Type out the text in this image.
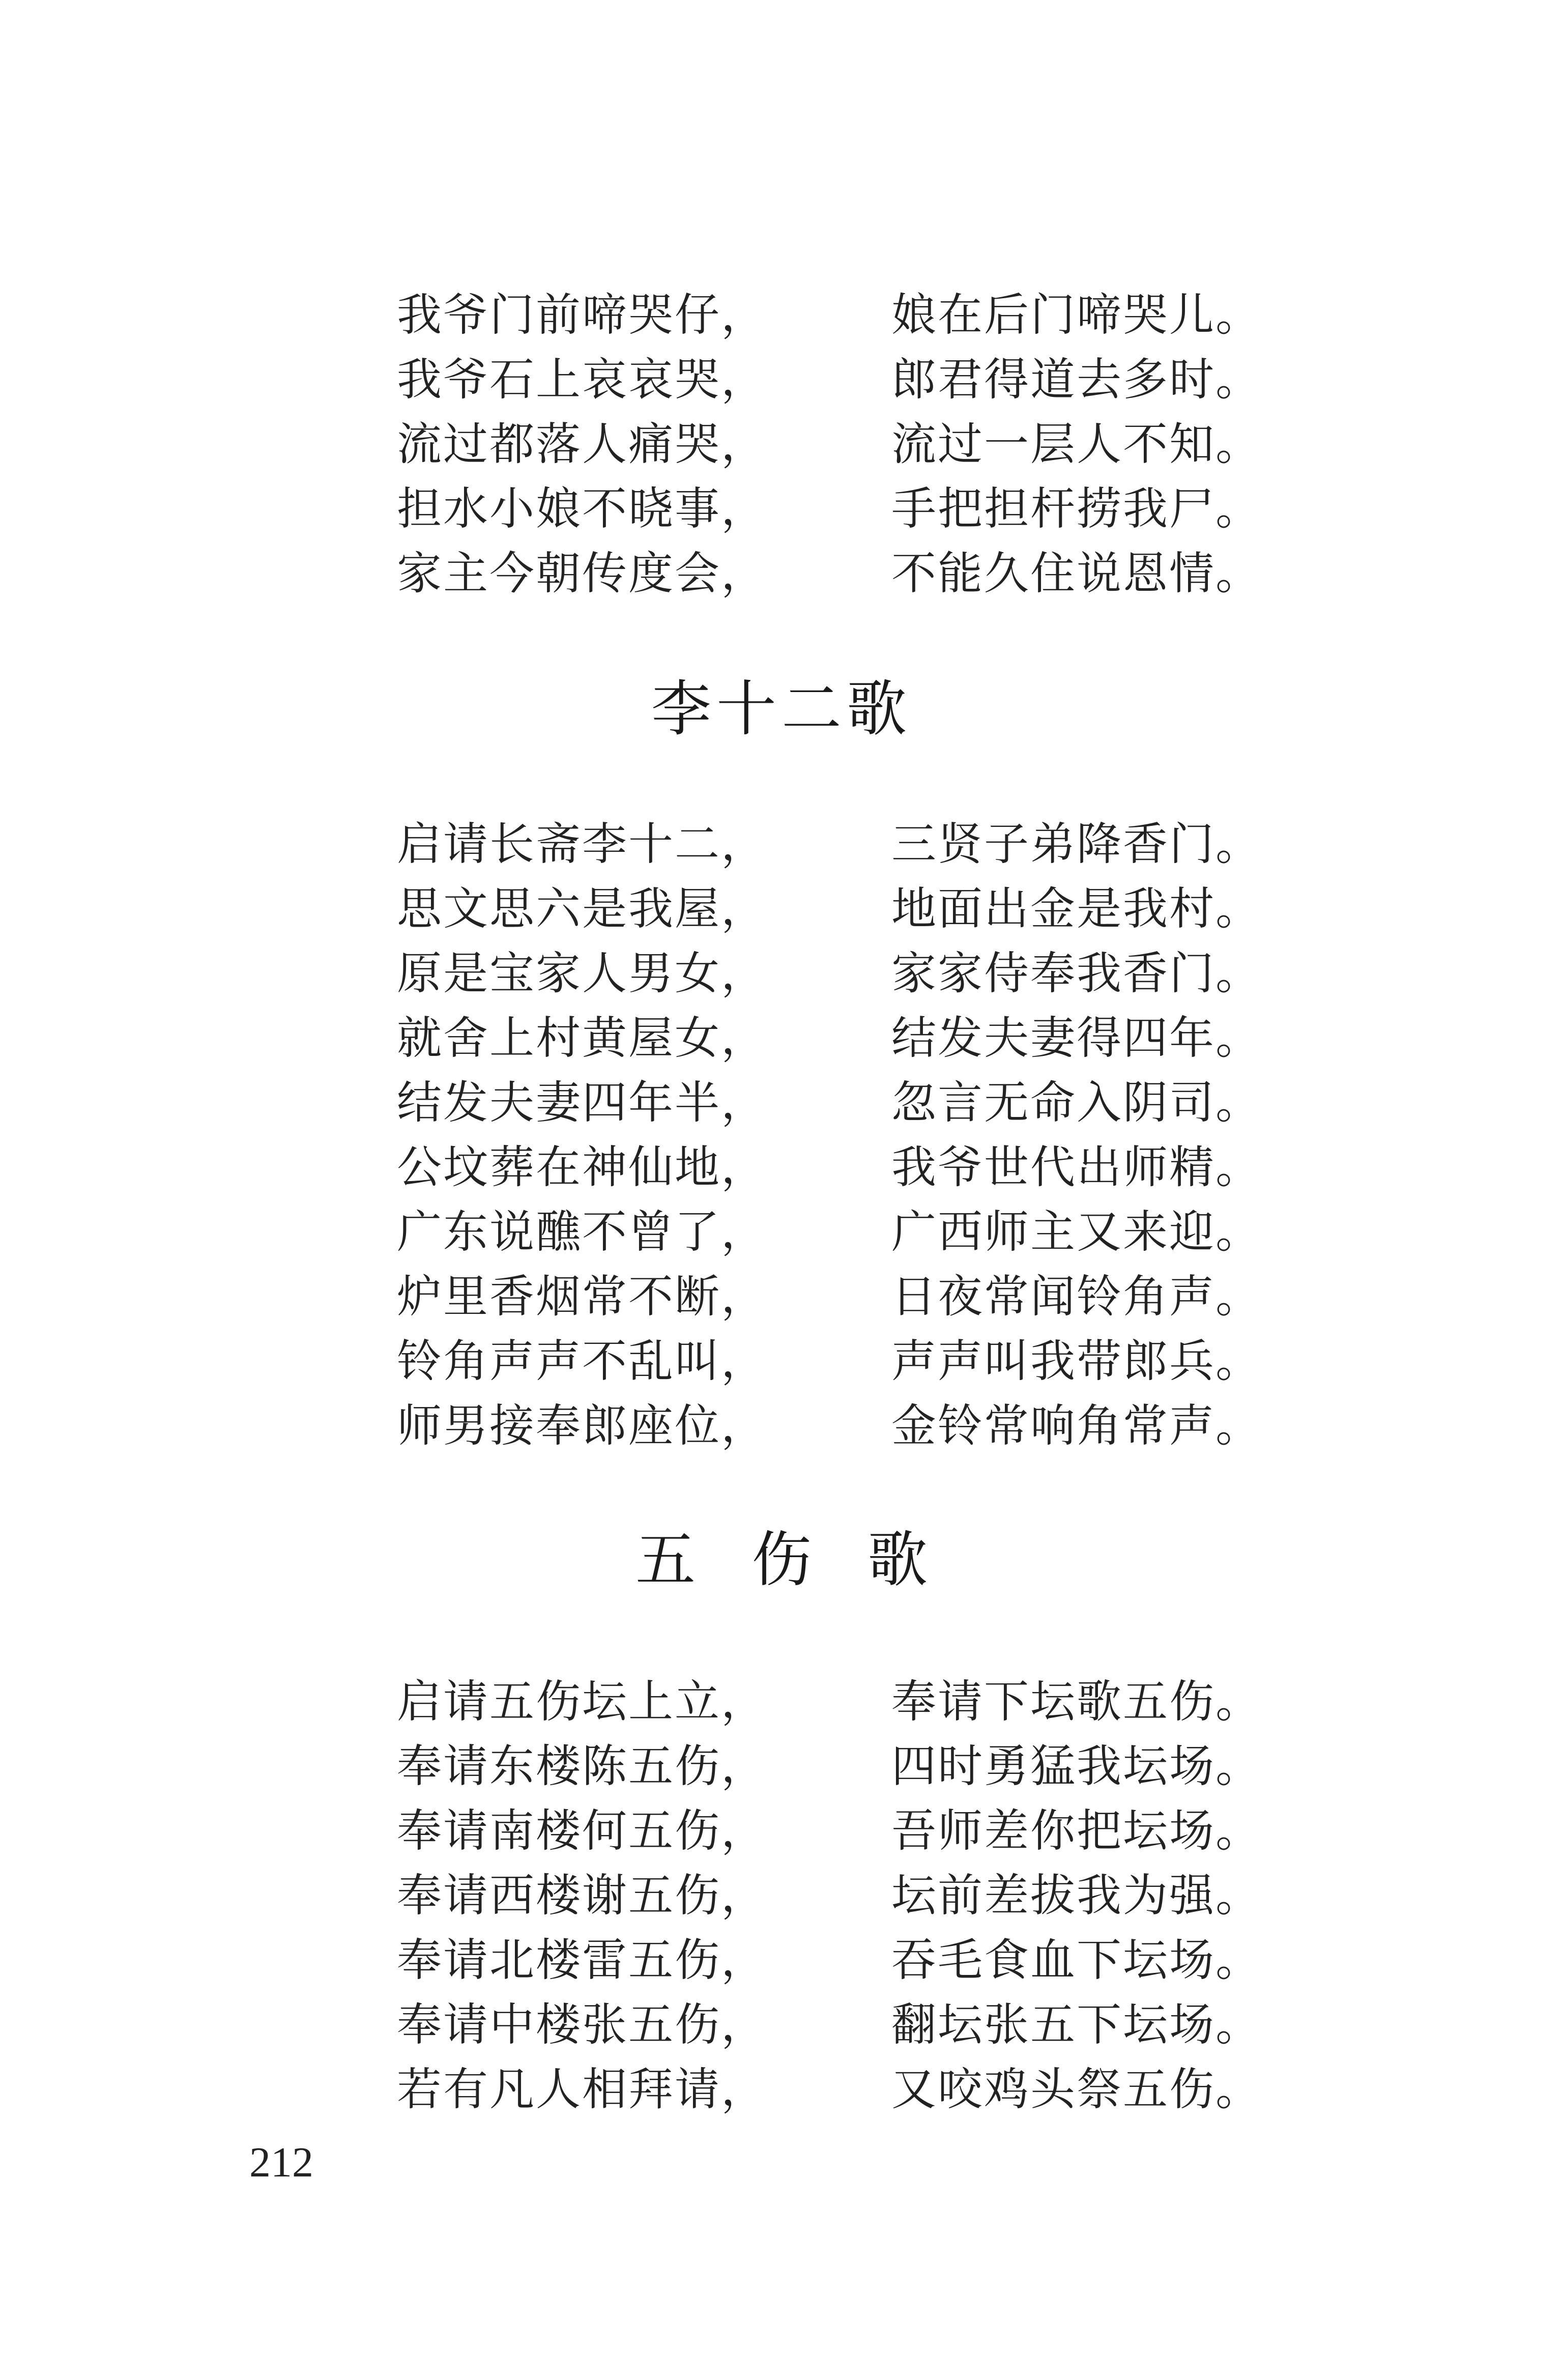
我爷门前啼哭仔，	娘在后门啼哭儿。
我爷石上哀哀哭，	郎君得道去多时。
流过都落人痛哭，	流过一层人不知。
担水小娘不晓事，	手把担杆捞我尸。
家主今朝传度会，	不能久住说恩情。
李十二歌
启请长斋李十二，	三贤子弟降香门。
思文思六是我屋，	地面出金是我村。
原是宝家人男女，	家家侍奉我香门。
就舍上村黄屋女，	结发夫妻得四年。
结发夫妻四年半，	忽言无命入阴司。
公坟葬在神仙地，	我爷世代出师精。
广东说醮不曾了，	广西师主又来迎。
炉里香烟常不断，	日夜常闻铃角声。
铃角声声不乱叫，	声声叫我带郎兵。
师男接奉郎座位，	金铃常响角常声。
五伤歌
启请五伤坛上立，	奉请下坛歌五伤。
奉请东楼陈五伤，	四时勇猛我坛场。
奉请南楼何五伤，	吾师差你把坛场。
奉请西楼谢五伤，	坛前差拔我为强。
奉请北楼雷五伤，	吞毛食血下坛场。
奉请中楼张五伤，	翻坛张五下坛场。
若有凡人相拜请，	又咬鸡头祭五伤。
212
